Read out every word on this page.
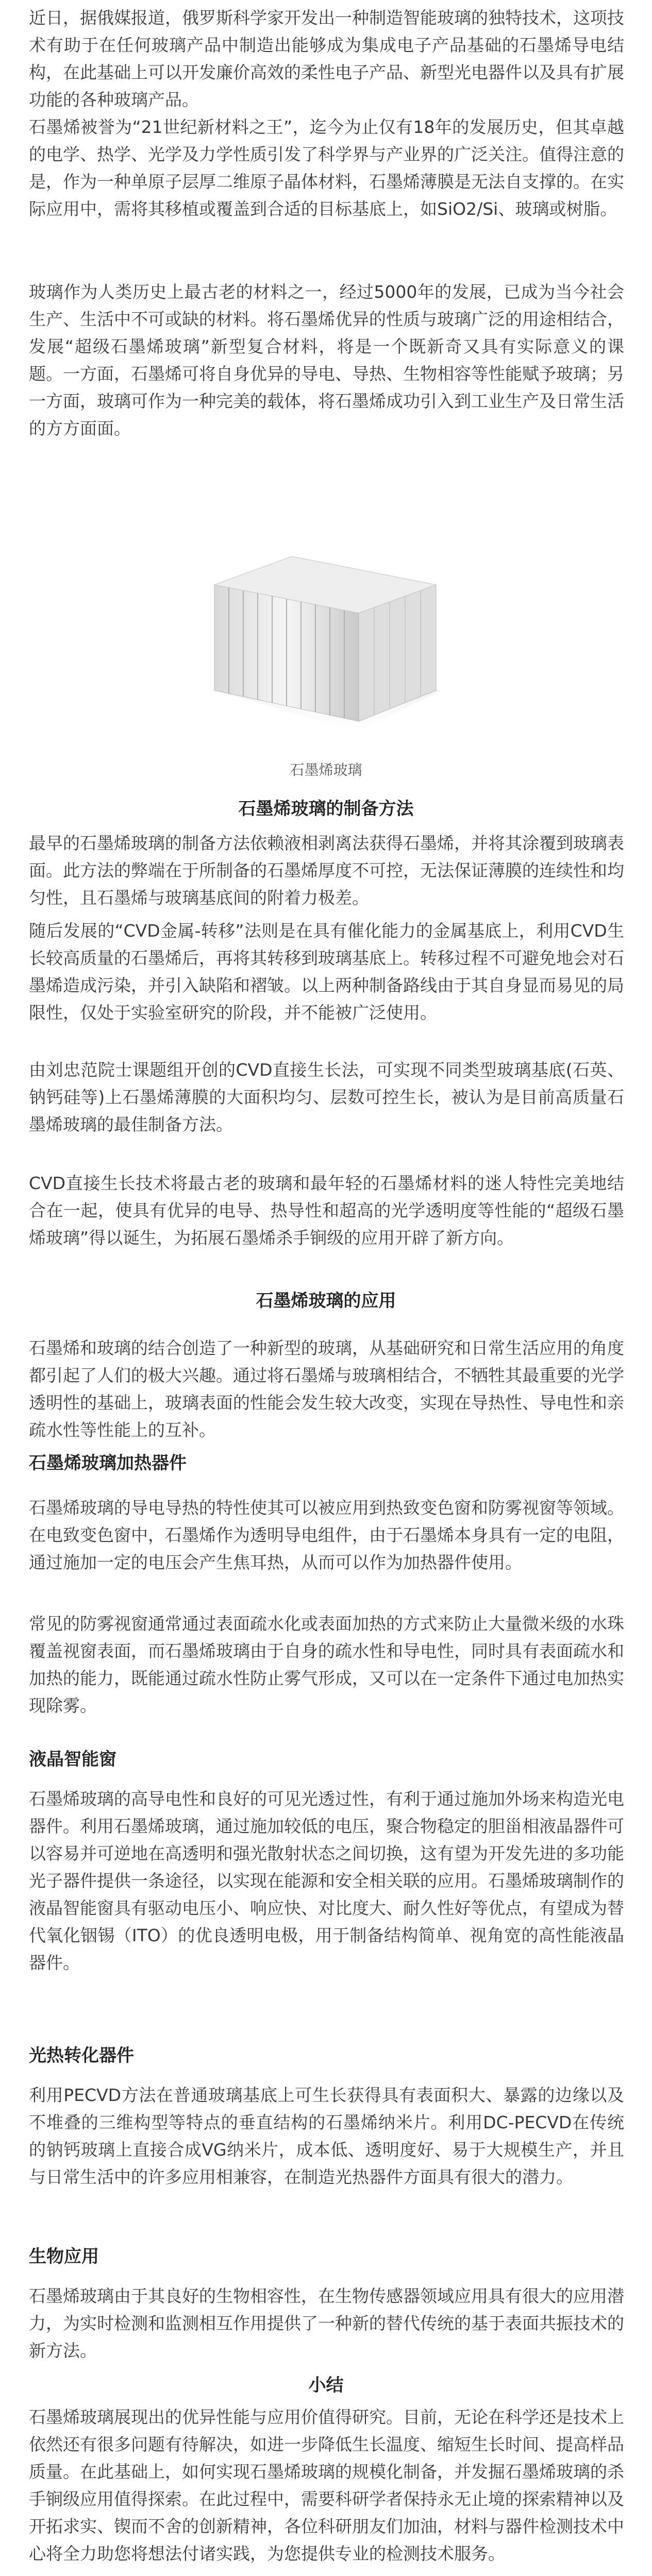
近日，据俄媒报道，俄罗斯科学家开发出一种制造智能玻璃的独特技术，这项技术有助于在任何玻璃产品中制造出能够成为集成电子产品基础的石墨烯导电结构，在此基础上可以开发廉价高效的柔性电子产品、新型光电器件以及具有扩展功能的各种玻璃产品。

石墨烯被誉为“21世纪新材料之王”，迄今为止仅有18年的发展历史，但其卓越的电学、热学、光学及力学性质引发了科学界与产业界的广泛关注。值得注意的是，作为一种单原子层厚二维原子晶体材料，石墨烯薄膜是无法自支撑的。在实际应用中，需将其移植或覆盖到合适的目标基底上，如SiO2/Si、玻璃或树脂。

玻璃作为人类历史上最古老的材料之一，经过5000年的发展，已成为当今社会生产、生活中不可或缺的材料。将石墨烯优异的性质与玻璃广泛的用途相结合，发展“超级石墨烯玻璃”新型复合材料，将是一个既新奇又具有实际意义的课题。一方面，石墨烯可将自身优异的导电、导热、生物相容等性能赋予玻璃；另一方面，玻璃可作为一种完美的载体，将石墨烯成功引入到工业生产及日常生活的方方面面。

石墨烯玻璃

石墨烯玻璃的制备方法

最早的石墨烯玻璃的制备方法依赖液相剥离法获得石墨烯，并将其涂覆到玻璃表面。此方法的弊端在于所制备的石墨烯厚度不可控，无法保证薄膜的连续性和均匀性，且石墨烯与玻璃基底间的附着力极差。

随后发展的“CVD金属-转移”法则是在具有催化能力的金属基底上，利用CVD生长较高质量的石墨烯后，再将其转移到玻璃基底上。转移过程不可避免地会对石墨烯造成污染，并引入缺陷和褶皱。以上两种制备路线由于其自身显而易见的局限性，仅处于实验室研究的阶段，并不能被广泛使用。

由刘忠范院士课题组开创的CVD直接生长法，可实现不同类型玻璃基底(石英、钠钙硅等)上石墨烯薄膜的大面积均匀、层数可控生长，被认为是目前高质量石墨烯玻璃的最佳制备方法。

CVD直接生长技术将最古老的玻璃和最年轻的石墨烯材料的迷人特性完美地结合在一起，使具有优异的电导、热导性和超高的光学透明度等性能的“超级石墨烯玻璃”得以诞生，为拓展石墨烯杀手锏级的应用开辟了新方向。

石墨烯玻璃的应用

石墨烯和玻璃的结合创造了一种新型的玻璃，从基础研究和日常生活应用的角度都引起了人们的极大兴趣。通过将石墨烯与玻璃相结合，不牺牲其最重要的光学透明性的基础上，玻璃表面的性能会发生较大改变，实现在导热性、导电性和亲疏水性等性能上的互补。

石墨烯玻璃加热器件

石墨烯玻璃的导电导热的特性使其可以被应用到热致变色窗和防雾视窗等领域。在电致变色窗中，石墨烯作为透明导电组件，由于石墨烯本身具有一定的电阻，通过施加一定的电压会产生焦耳热，从而可以作为加热器件使用。

常见的防雾视窗通常通过表面疏水化或表面加热的方式来防止大量微米级的水珠覆盖视窗表面，而石墨烯玻璃由于自身的疏水性和导电性，同时具有表面疏水和加热的能力，既能通过疏水性防止雾气形成，又可以在一定条件下通过电加热实现除雾。

液晶智能窗

石墨烯玻璃的高导电性和良好的可见光透过性，有利于通过施加外场来构造光电器件。利用石墨烯玻璃，通过施加较低的电压，聚合物稳定的胆甾相液晶器件可以容易并可逆地在高透明和强光散射状态之间切换，这有望为开发先进的多功能光子器件提供一条途径，以实现在能源和安全相关联的应用。石墨烯玻璃制作的液晶智能窗具有驱动电压小、响应快、对比度大、耐久性好等优点，有望成为替代氧化铟锡（ITO）的优良透明电极，用于制备结构简单、视角宽的高性能液晶器件。

光热转化器件

利用PECVD方法在普通玻璃基底上可生长获得具有表面积大、暴露的边缘以及不堆叠的三维构型等特点的垂直结构的石墨烯纳米片。利用DC-PECVD在传统的钠钙玻璃上直接合成VG纳米片，成本低、透明度好、易于大规模生产，并且与日常生活中的许多应用相兼容，在制造光热器件方面具有很大的潜力。

生物应用

石墨烯玻璃由于其良好的生物相容性，在生物传感器领域应用具有很大的应用潜力，为实时检测和监测相互作用提供了一种新的替代传统的基于表面共振技术的新方法。

小结

石墨烯玻璃展现出的优异性能与应用价值得研究。目前，无论在科学还是技术上依然还有很多问题有待解决，如进一步降低生长温度、缩短生长时间、提高样品质量。在此基础上，如何实现石墨烯玻璃的规模化制备，并发掘石墨烯玻璃的杀手锏级应用值得探索。在此过程中，需要科研学者保持永无止境的探索精神以及开拓求实、锲而不舍的创新精神，各位科研朋友们加油，材料与器件检测技术中心将全力助您将想法付诸实践，为您提供专业的检测技术服务。
